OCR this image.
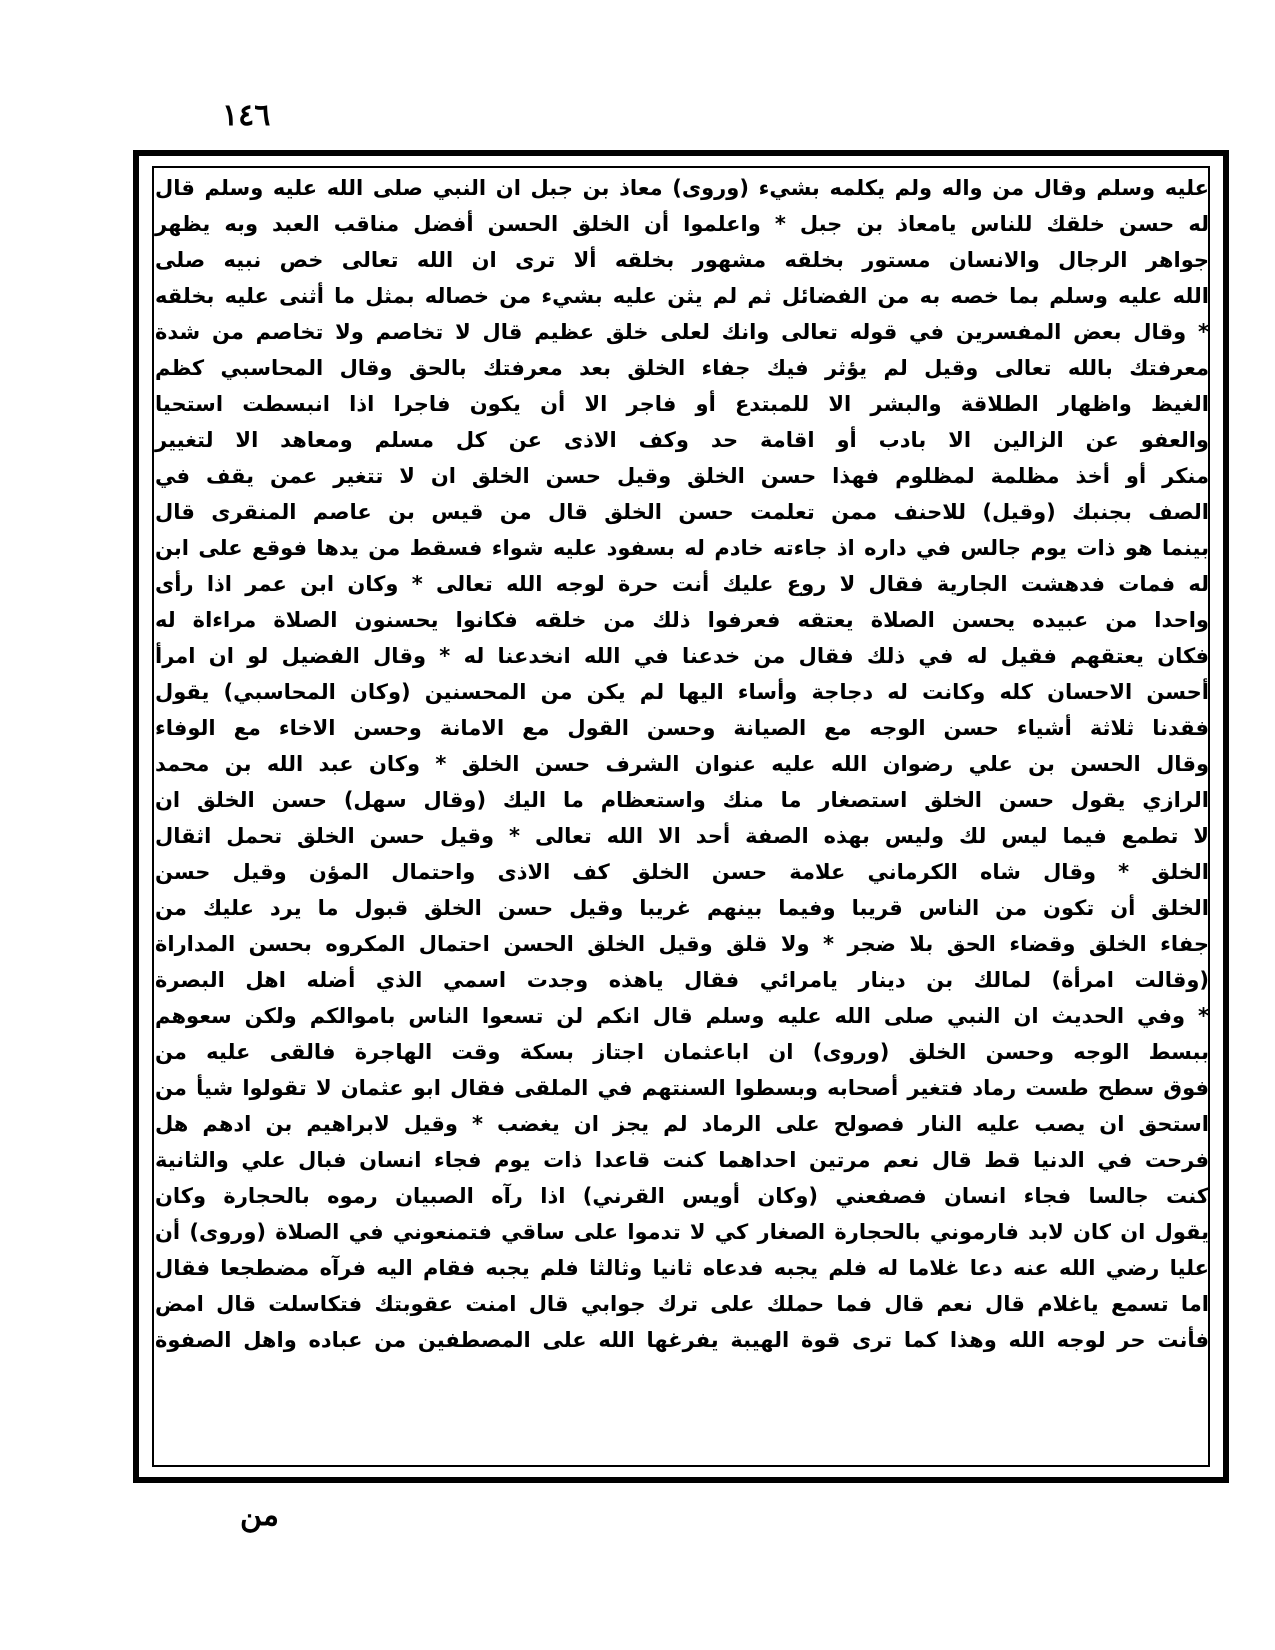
١٤٦
عليه وسلم وقال من واله ولم يكلمه بشيء (وروى) معاذ بن جبل ان النبي صلى الله عليه وسلم قال
له حسن خلقك للناس يامعاذ بن جبل * واعلموا أن الخلق الحسن أفضل مناقب العبد وبه يظهر
جواهر الرجال والانسان مستور بخلقه مشهور بخلقه ألا ترى ان الله تعالى خص نبيه صلى
الله عليه وسلم بما خصه به من الفضائل ثم لم يثن عليه بشيء من خصاله بمثل ما أثنى عليه بخلقه
* وقال بعض المفسرين في قوله تعالى وانك لعلى خلق عظيم قال لا تخاصم ولا تخاصم من شدة
معرفتك بالله تعالى وقيل لم يؤثر فيك جفاء الخلق بعد معرفتك بالحق وقال المحاسبي كظم
الغيظ واظهار الطلاقة والبشر الا للمبتدع أو فاجر الا أن يكون فاجرا اذا انبسطت استحيا
والعفو عن الزالين الا بادب أو اقامة حد وكف الاذى عن كل مسلم ومعاهد الا لتغيير
منكر أو أخذ مظلمة لمظلوم فهذا حسن الخلق وقيل حسن الخلق ان لا تتغير عمن يقف في
الصف بجنبك (وقيل) للاحنف ممن تعلمت حسن الخلق قال من قيس بن عاصم المنقرى قال
بينما هو ذات يوم جالس في داره اذ جاءته خادم له بسفود عليه شواء فسقط من يدها فوقع على ابن
له فمات فدهشت الجارية فقال لا روع عليك أنت حرة لوجه الله تعالى * وكان ابن عمر اذا رأى
واحدا من عبيده يحسن الصلاة يعتقه فعرفوا ذلك من خلقه فكانوا يحسنون الصلاة مراءاة له
فكان يعتقهم فقيل له في ذلك فقال من خدعنا في الله انخدعنا له * وقال الفضيل لو ان امرأ
أحسن الاحسان كله وكانت له دجاجة وأساء اليها لم يكن من المحسنين (وكان المحاسبي) يقول
فقدنا ثلاثة أشياء حسن الوجه مع الصيانة وحسن القول مع الامانة وحسن الاخاء مع الوفاء
وقال الحسن بن علي رضوان الله عليه عنوان الشرف حسن الخلق * وكان عبد الله بن محمد
الرازي يقول حسن الخلق استصغار ما منك واستعظام ما اليك (وقال سهل) حسن الخلق ان
لا تطمع فيما ليس لك وليس بهذه الصفة أحد الا الله تعالى * وقيل حسن الخلق تحمل اثقال
الخلق * وقال شاه الكرماني علامة حسن الخلق كف الاذى واحتمال المؤن وقيل حسن
الخلق أن تكون من الناس قريبا وفيما بينهم غريبا وقيل حسن الخلق قبول ما يرد عليك من
جفاء الخلق وقضاء الحق بلا ضجر * ولا قلق وقيل الخلق الحسن احتمال المكروه بحسن المداراة
(وقالت امرأة) لمالك بن دينار يامرائي فقال ياهذه وجدت اسمي الذي أضله اهل البصرة
* وفي الحديث ان النبي صلى الله عليه وسلم قال انكم لن تسعوا الناس باموالكم ولكن سعوهم
ببسط الوجه وحسن الخلق (وروى) ان اباعثمان اجتاز بسكة وقت الهاجرة فالقى عليه من
فوق سطح طست رماد فتغير أصحابه وبسطوا السنتهم في الملقى فقال ابو عثمان لا تقولوا شيأ من
استحق ان يصب عليه النار فصولح على الرماد لم يجز ان يغضب * وقيل لابراهيم بن ادهم هل
فرحت في الدنيا قط قال نعم مرتين احداهما كنت قاعدا ذات يوم فجاء انسان فبال علي والثانية
كنت جالسا فجاء انسان فصفعني (وكان أويس القرني) اذا رآه الصبيان رموه بالحجارة وكان
يقول ان كان لابد فارموني بالحجارة الصغار كي لا تدموا على ساقي فتمنعوني في الصلاة (وروى) أن
عليا رضي الله عنه دعا غلاما له فلم يجبه فدعاه ثانيا وثالثا فلم يجبه فقام اليه فرآه مضطجعا فقال
اما تسمع ياغلام قال نعم قال فما حملك على ترك جوابي قال امنت عقوبتك فتكاسلت قال امض
فأنت حر لوجه الله وهذا كما ترى قوة الهيبة يفرغها الله على المصطفين من عباده واهل الصفوة
من
